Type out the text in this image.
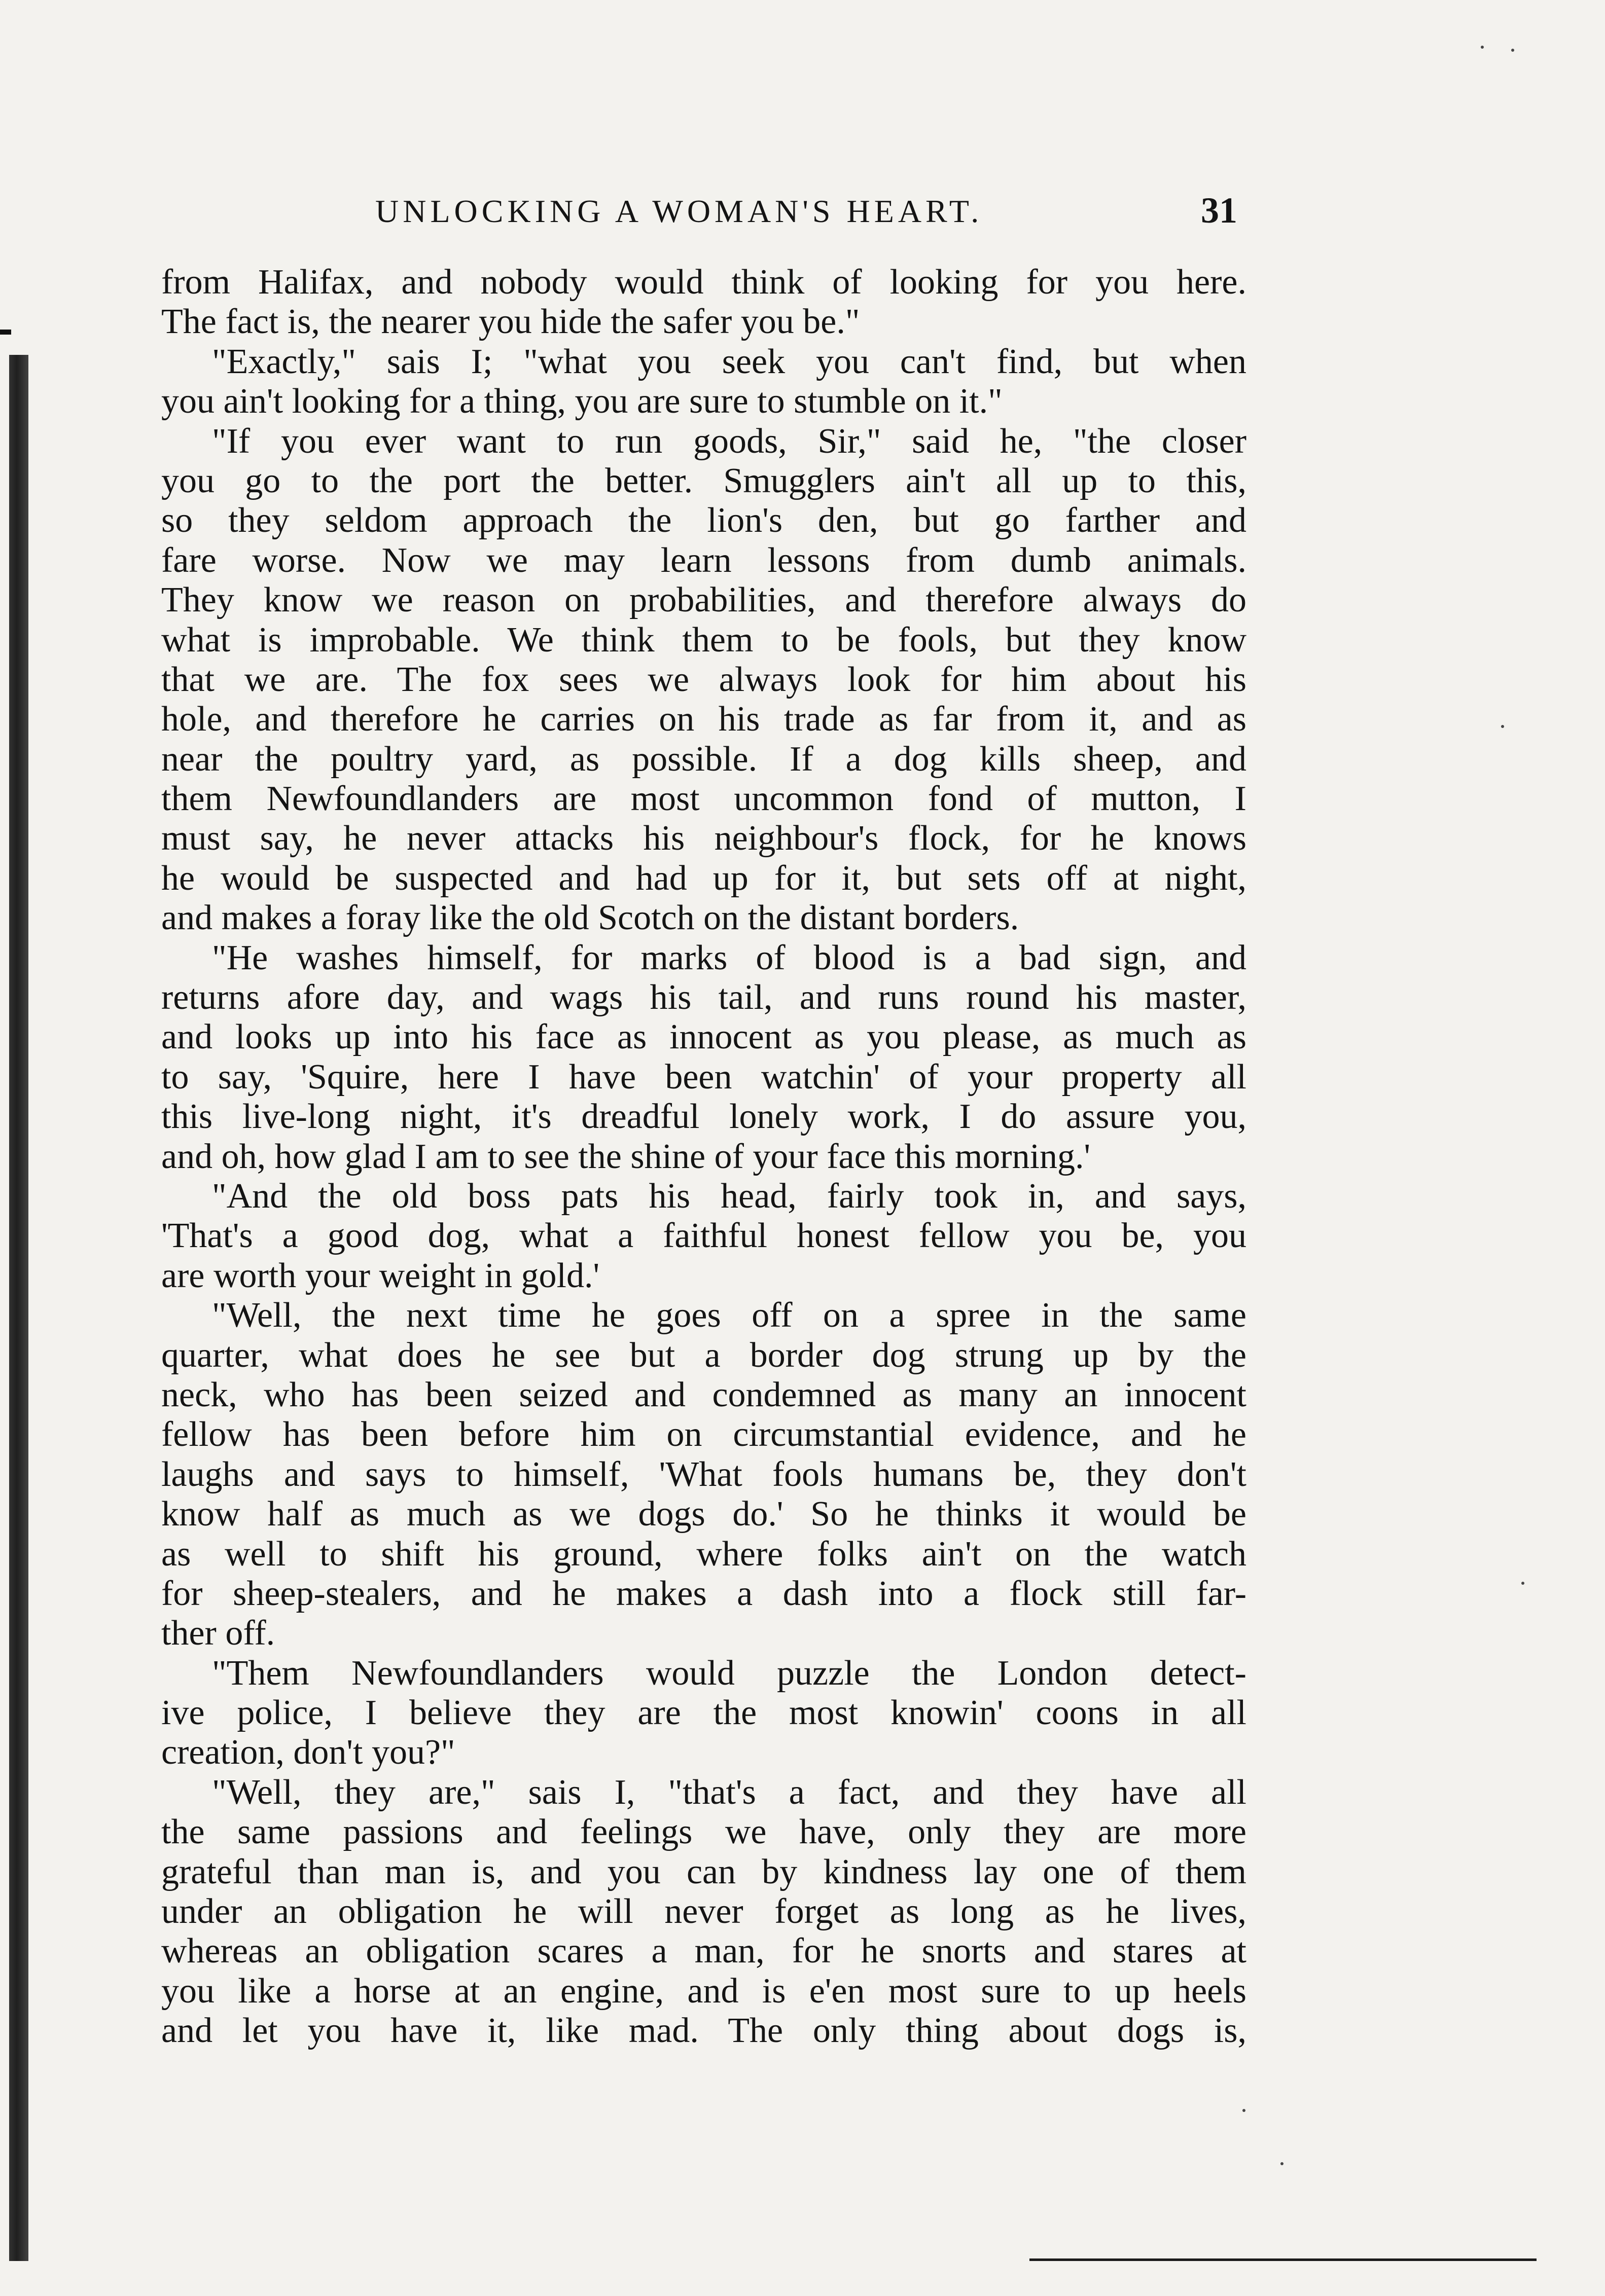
UNLOCKING A WOMAN'S HEART.	31
from Halifax, and nobody would think of looking for you here.
The fact is, the nearer you hide the safer you be."
"Exactly," sais I; "what you seek you can't find, but when
you ain't looking for a thing, you are sure to stumble on it."
"If you ever want to run goods, Sir," said he, "the closer
you go to the port the better. Smugglers ain't all up to this,
so they seldom approach the lion's den, but go farther and
fare worse. Now we may learn lessons from dumb animals.
They know we reason on probabilities, and therefore always do
what is improbable. We think them to be fools, but they know
that we are. The fox sees we always look for him about his
hole, and therefore he carries on his trade as far from it, and as
near the poultry yard, as possible. If a dog kills sheep, and
them Newfoundlanders are most uncommon fond of mutton, I
must say, he never attacks his neighbour's flock, for he knows
he would be suspected and had up for it, but sets off at night,
and makes a foray like the old Scotch on the distant borders.
"He washes himself, for marks of blood is a bad sign, and
returns afore day, and wags his tail, and runs round his master,
and looks up into his face as innocent as you please, as much as
to say, 'Squire, here I have been watchin' of your property all
this live-long night, it's dreadful lonely work, I do assure you,
and oh, how glad I am to see the shine of your face this morning.'
"And the old boss pats his head, fairly took in, and says,
'That's a good dog, what a faithful honest fellow you be, you
are worth your weight in gold.'
"Well, the next time he goes off on a spree in the same
quarter, what does he see but a border dog strung up by the
neck, who has been seized and condemned as many an innocent
fellow has been before him on circumstantial evidence, and he
laughs and says to himself, 'What fools humans be, they don't
know half as much as we dogs do.' So he thinks it would be
as well to shift his ground, where folks ain't on the watch
for sheep-stealers, and he makes a dash into a flock still far-
ther off.
"Them Newfoundlanders would puzzle the London detect-
ive police, I believe they are the most knowin' coons in all
creation, don't you?"
"Well, they are," sais I, "that's a fact, and they have all
the same passions and feelings we have, only they are more
grateful than man is, and you can by kindness lay one of them
under an obligation he will never forget as long as he lives,
whereas an obligation scares a man, for he snorts and stares at
you like a horse at an engine, and is e'en most sure to up heels
and let you have it, like mad. The only thing about dogs is,
